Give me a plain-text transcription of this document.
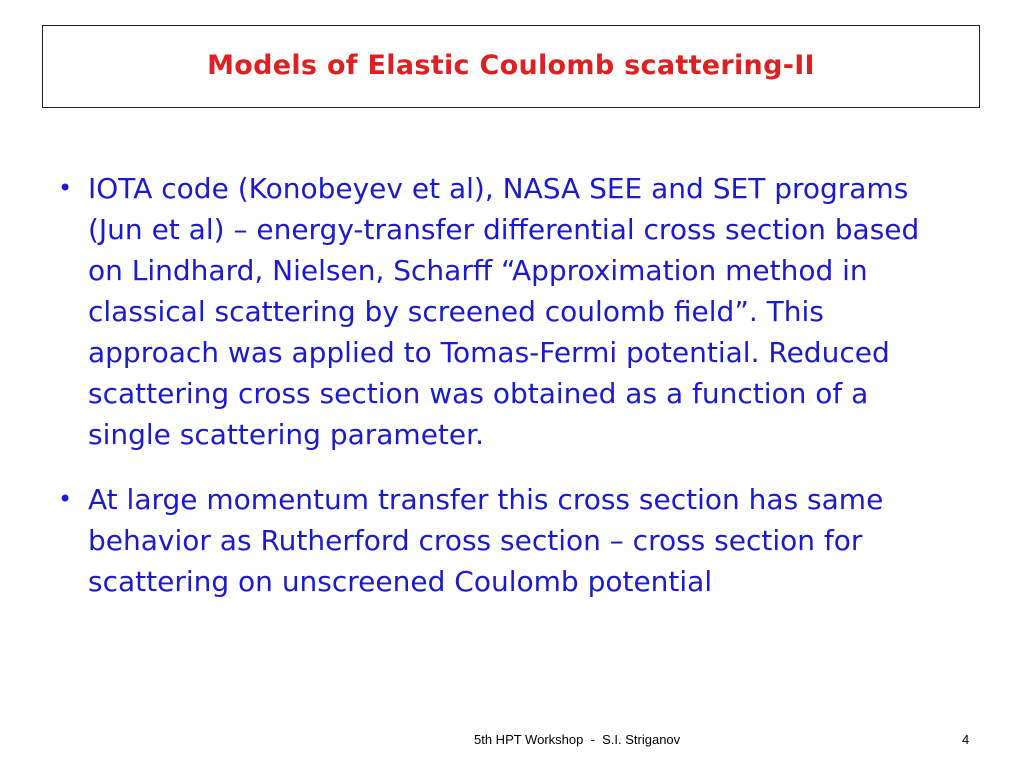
Models of Elastic Coulomb scattering-II
• IOTA code (Konobeyev et al), NASA SEE and SET programs (Jun et al) – energy-transfer differential cross section based on Lindhard, Nielsen, Scharff “Approximation method in classical scattering by screened coulomb field”. This approach was applied to Tomas-Fermi potential. Reduced scattering cross section was obtained as a function of a single scattering parameter.
• At large momentum transfer this cross section has same behavior as Rutherford cross section – cross section for scattering on unscreened Coulomb potential
5th HPT Workshop  -  S.I. Striganov	4
